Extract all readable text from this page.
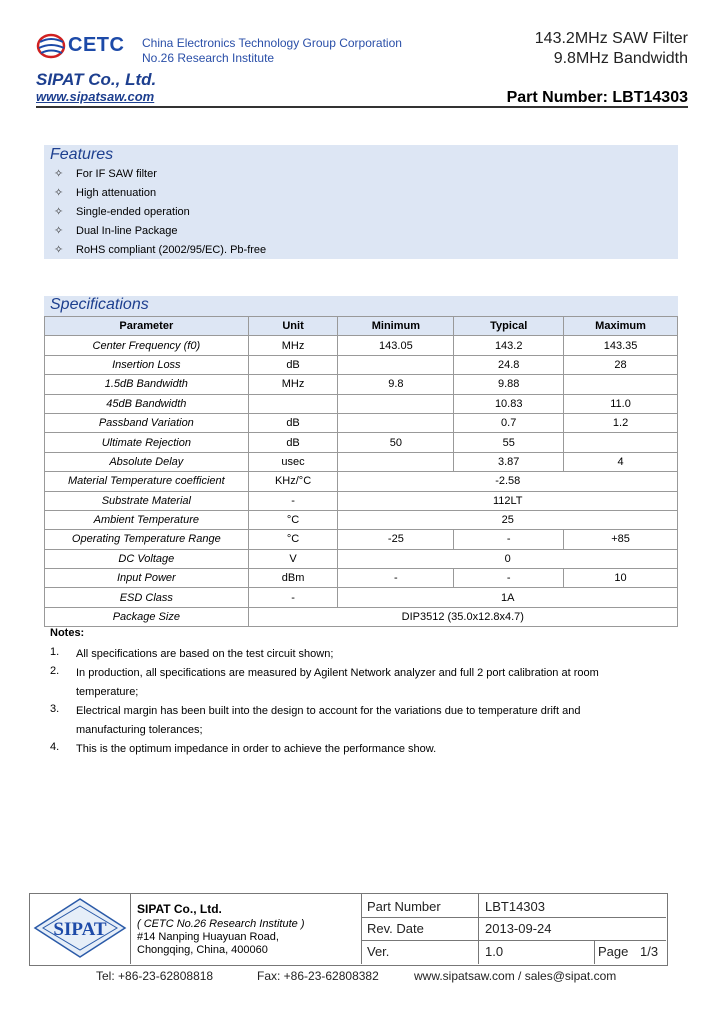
CETC China Electronics Technology Group Corporation
No.26 Research Institute
SIPAT Co., Ltd.
www.sipatsaw.com
143.2MHz SAW Filter
9.8MHz Bandwidth
Part Number: LBT14303
Features
✧ For IF SAW filter
✧ High attenuation
✧ Single-ended operation
✧ Dual In-line Package
✧ RoHS compliant (2002/95/EC). Pb-free
Specifications
Parameter	Unit	Minimum	Typical	Maximum
Center Frequency (f0)	MHz	143.05	143.2	143.35
Insertion Loss	dB		24.8	28
1.5dB Bandwidth	MHz	9.8	9.88	
45dB Bandwidth			10.83	11.0
Passband Variation	dB		0.7	1.2
Ultimate Rejection	dB	50	55	
Absolute Delay	usec		3.87	4
Material Temperature coefficient	KHz/°C	-2.58		
Substrate Material	-	112LT		
Ambient Temperature	°C	25		
Operating Temperature Range	°C	-25	-	+85
DC Voltage	V	0		
Input Power	dBm	-	-	10
ESD Class	-	1A		
Package Size	DIP3512 (35.0x12.8x4.7)			
Notes:
1. All specifications are based on the test circuit shown;
2. In production, all specifications are measured by Agilent Network analyzer and full 2 port calibration at room temperature;
3. Electrical margin has been built into the design to account for the variations due to temperature drift and manufacturing tolerances;
4. This is the optimum impedance in order to achieve the performance show.
SIPAT
SIPAT Co., Ltd.
( CETC No.26 Research Institute )
#14 Nanping Huayuan Road,
Chongqing, China, 400060
Part Number	LBT14303
Rev. Date	2013-09-24
Ver.	1.0	Page 1/3
Tel: +86-23-62808818	Fax: +86-23-62808382	www.sipatsaw.com / sales@sipat.com
